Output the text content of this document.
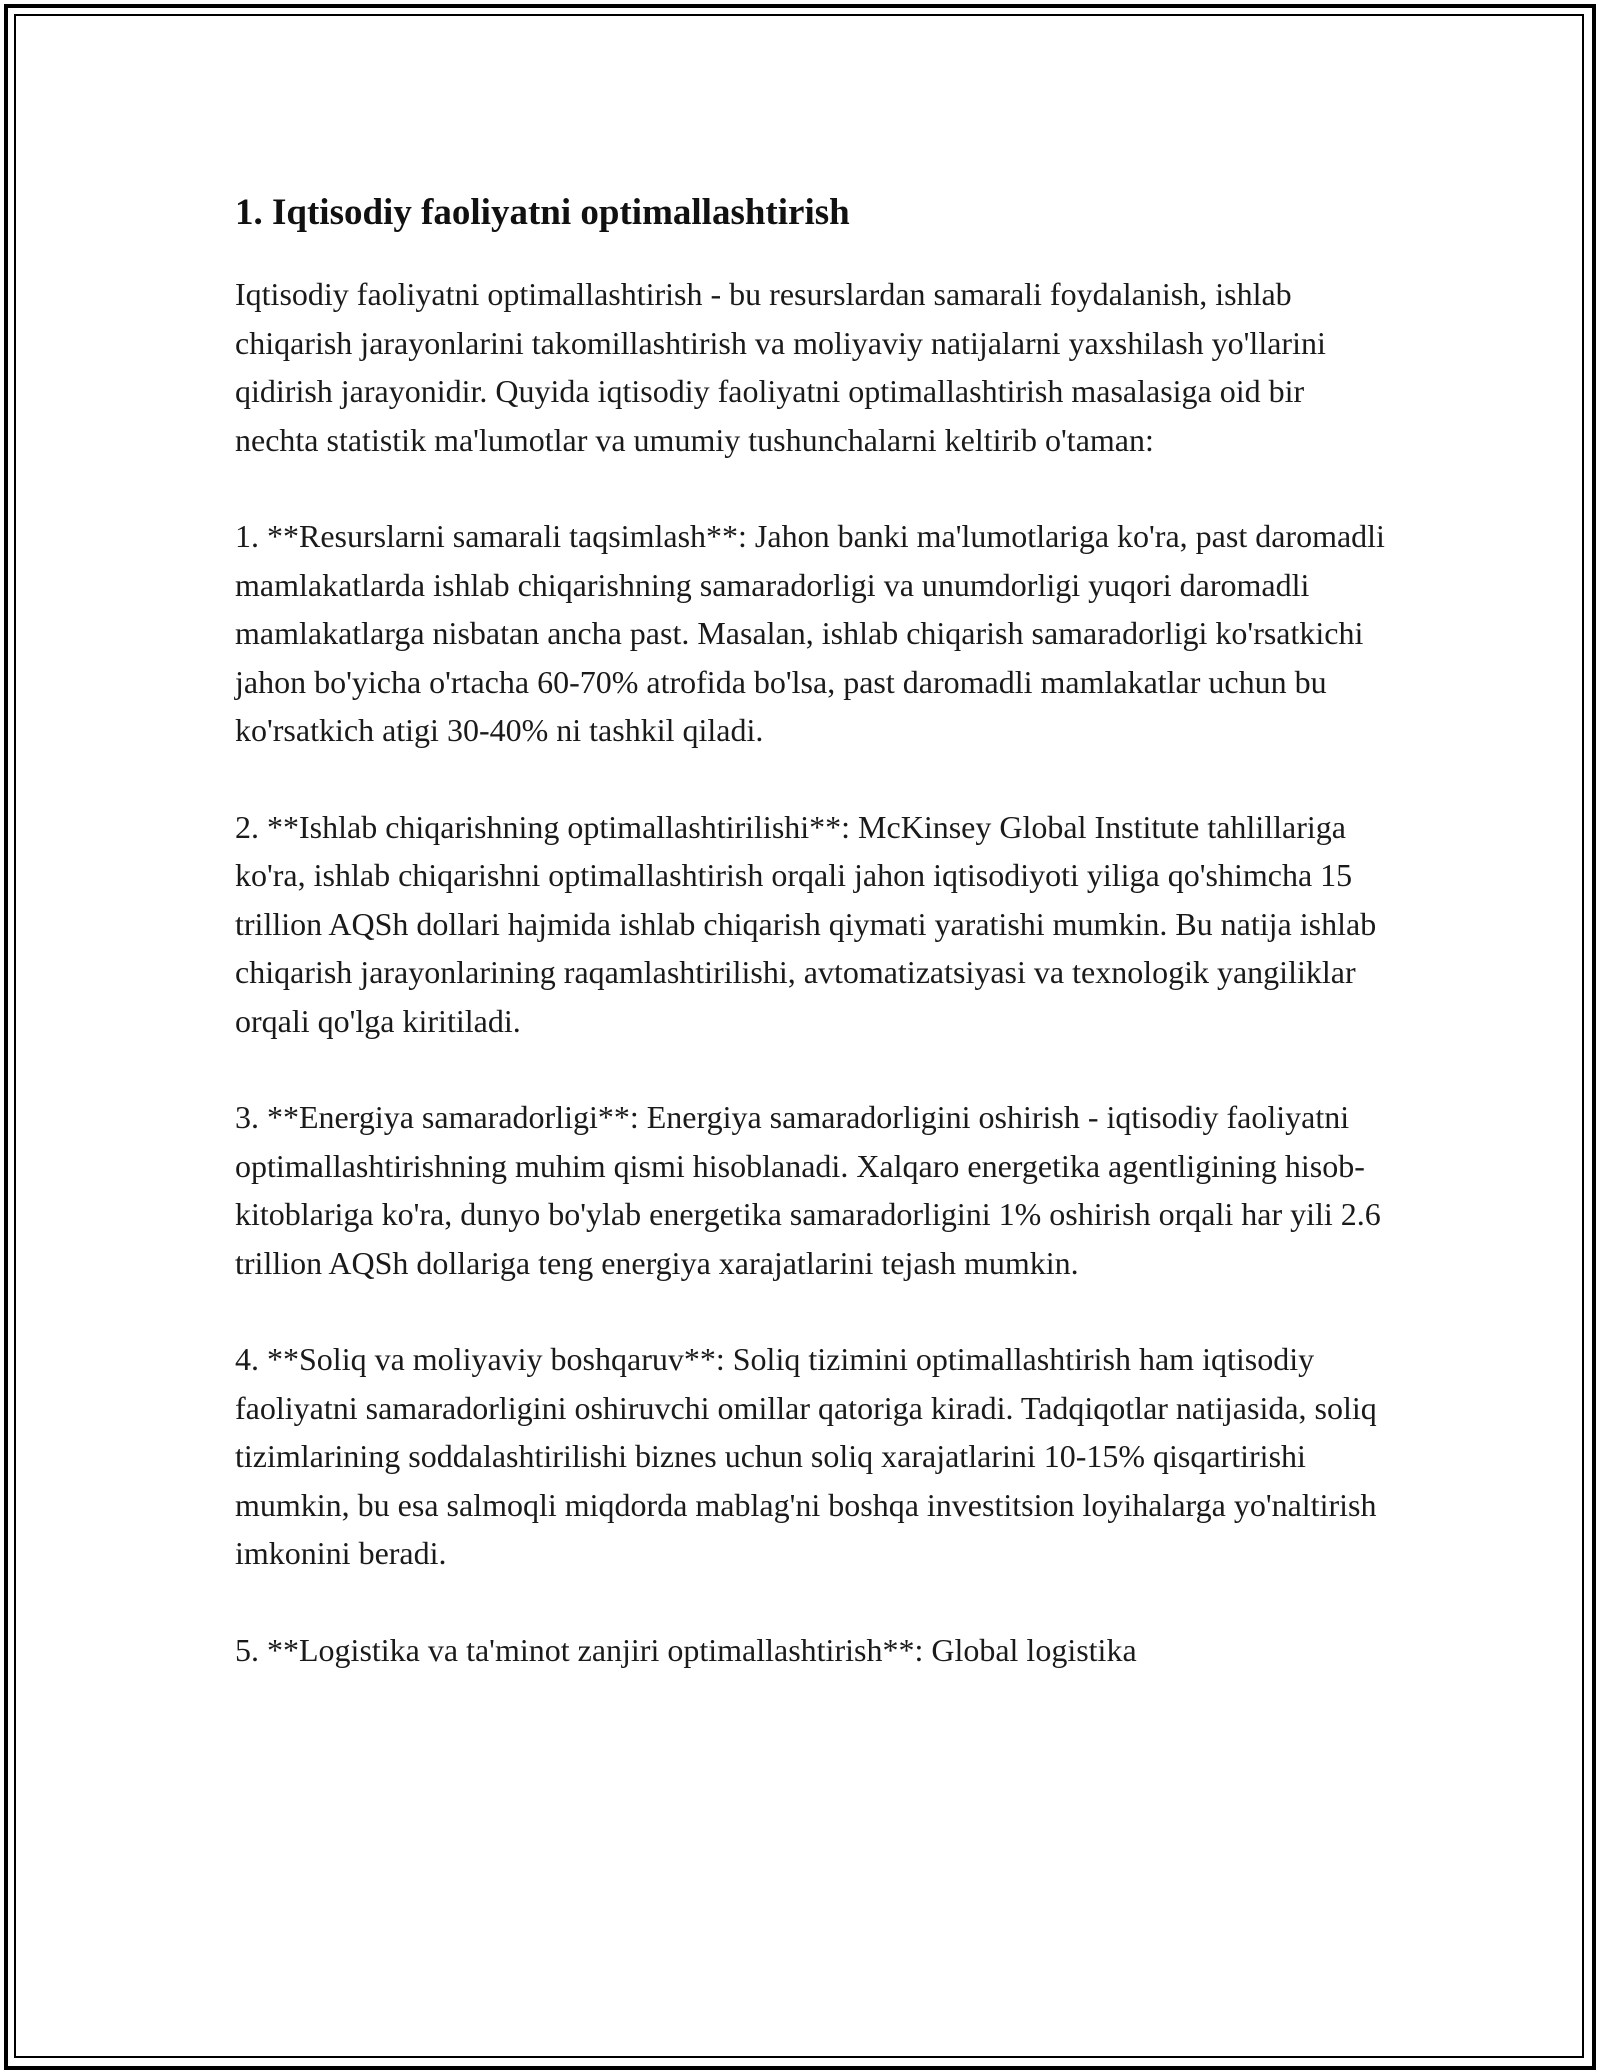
1. Iqtisodiy faoliyatni optimallashtirish

Iqtisodiy faoliyatni optimallashtirish - bu resurslardan samarali foydalanish, ishlab chiqarish jarayonlarini takomillashtirish va moliyaviy natijalarni yaxshilash yo'llarini qidirish jarayonidir. Quyida iqtisodiy faoliyatni optimallashtirish masalasiga oid bir nechta statistik ma'lumotlar va umumiy tushunchalarni keltirib o'taman:

1. **Resurslarni samarali taqsimlash**: Jahon banki ma'lumotlariga ko'ra, past daromadli mamlakatlarda ishlab chiqarishning samaradorligi va unumdorligi yuqori daromadli mamlakatlarga nisbatan ancha past. Masalan, ishlab chiqarish samaradorligi ko'rsatkichi jahon bo'yicha o'rtacha 60-70% atrofida bo'lsa, past daromadli mamlakatlar uchun bu ko'rsatkich atigi 30-40% ni tashkil qiladi.

2. **Ishlab chiqarishning optimallashtirilishi**: McKinsey Global Institute tahlillariga ko'ra, ishlab chiqarishni optimallashtirish orqali jahon iqtisodiyoti yiliga qo'shimcha 15 trillion AQSh dollari hajmida ishlab chiqarish qiymati yaratishi mumkin. Bu natija ishlab chiqarish jarayonlarining raqamlashtirilishi, avtomatizatsiyasi va texnologik yangiliklar orqali qo'lga kiritiladi.

3. **Energiya samaradorligi**: Energiya samaradorligini oshirish - iqtisodiy faoliyatni optimallashtirishning muhim qismi hisoblanadi. Xalqaro energetika agentligining hisob-kitoblariga ko'ra, dunyo bo'ylab energetika samaradorligini 1% oshirish orqali har yili 2.6 trillion AQSh dollariga teng energiya xarajatlarini tejash mumkin.

4. **Soliq va moliyaviy boshqaruv**: Soliq tizimini optimallashtirish ham iqtisodiy faoliyatni samaradorligini oshiruvchi omillar qatoriga kiradi. Tadqiqotlar natijasida, soliq tizimlarining soddalashtirilishi biznes uchun soliq xarajatlarini 10-15% qisqartirishi mumkin, bu esa salmoqli miqdorda mablag'ni boshqa investitsion loyihalarga yo'naltirish imkonini beradi.

5. **Logistika va ta'minot zanjiri optimallashtirish**: Global logistika
